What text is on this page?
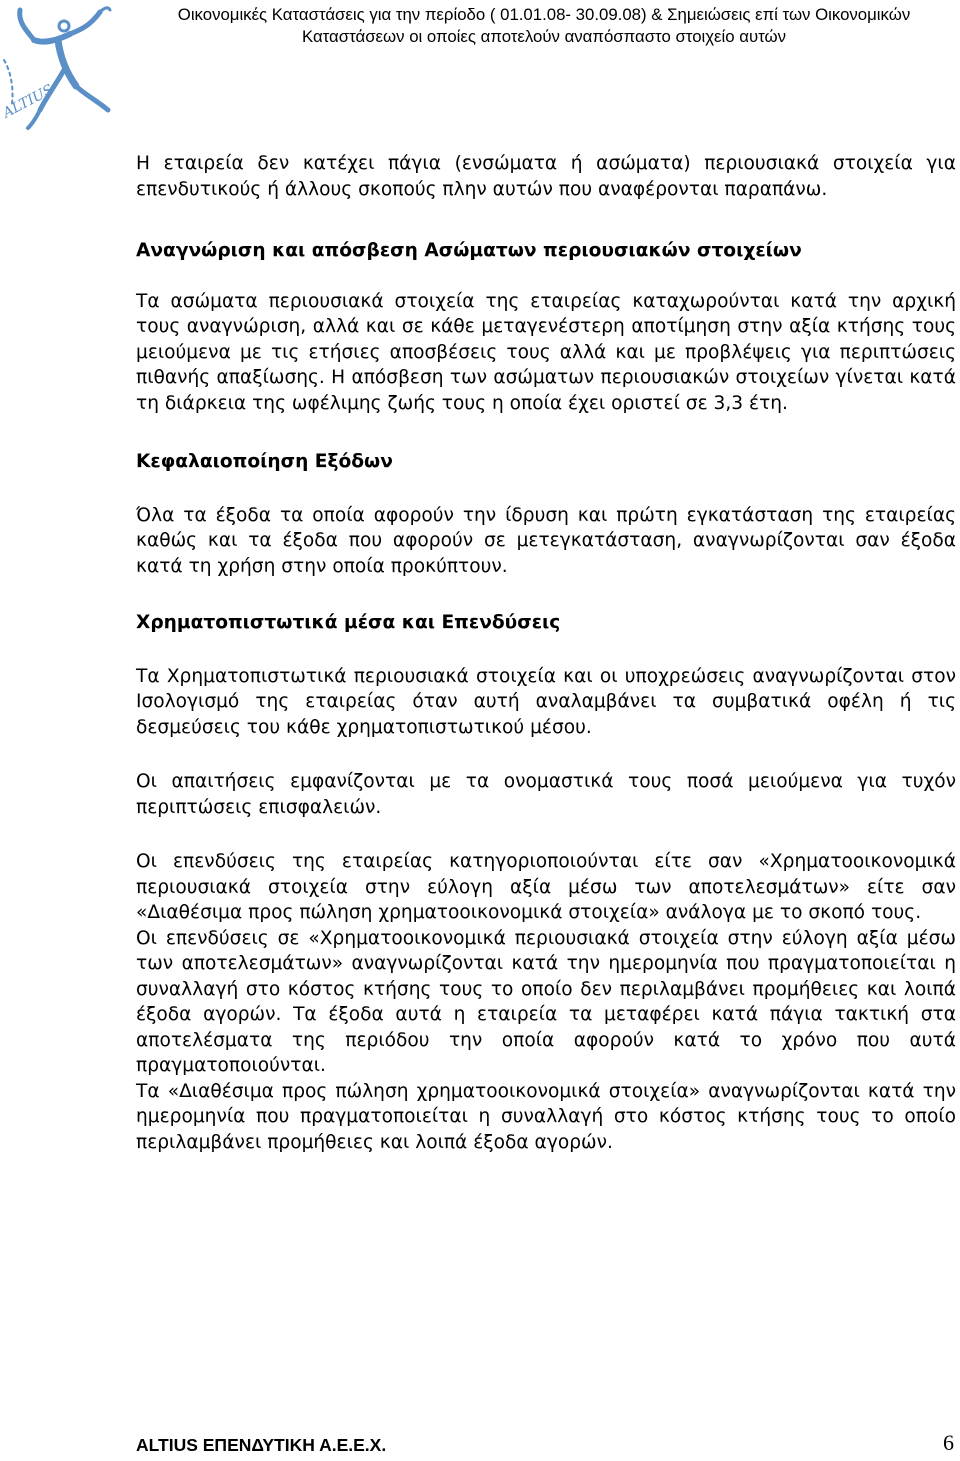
ALTIUS
Οικονομικές Καταστάσεις για την περίοδο ( 01.01.08- 30.09.08) & Σημειώσεις επί των Οικονομικών
Καταστάσεων οι οποίες αποτελούν αναπόσπαστο στοιχείο αυτών

Η εταιρεία δεν κατέχει πάγια (ενσώματα ή ασώματα) περιουσιακά στοιχεία για επενδυτικούς ή άλλους σκοπούς πλην αυτών που αναφέρονται παραπάνω.

Αναγνώριση και απόσβεση Ασώματων περιουσιακών στοιχείων

Τα ασώματα περιουσιακά στοιχεία της εταιρείας καταχωρούνται κατά την αρχική τους αναγνώριση, αλλά και σε κάθε μεταγενέστερη αποτίμηση στην αξία κτήσης τους μειούμενα με τις ετήσιες αποσβέσεις τους αλλά και με προβλέψεις για περιπτώσεις πιθανής απαξίωσης. Η απόσβεση των ασώματων περιουσιακών στοιχείων γίνεται κατά τη διάρκεια της ωφέλιμης ζωής τους η οποία έχει οριστεί σε 3,3 έτη.

Κεφαλαιοποίηση Εξόδων

Όλα τα έξοδα τα οποία αφορούν την ίδρυση και πρώτη εγκατάσταση της εταιρείας καθώς και τα έξοδα που αφορούν σε μετεγκατάσταση, αναγνωρίζονται σαν έξοδα κατά τη χρήση στην οποία προκύπτουν.

Χρηματοπιστωτικά μέσα και Επενδύσεις

Τα Χρηματοπιστωτικά περιουσιακά στοιχεία και οι υποχρεώσεις αναγνωρίζονται στον Ισολογισμό της εταιρείας όταν αυτή αναλαμβάνει τα συμβατικά οφέλη ή τις δεσμεύσεις του κάθε χρηματοπιστωτικού μέσου.

Οι απαιτήσεις εμφανίζονται με τα ονομαστικά τους ποσά μειούμενα για τυχόν περιπτώσεις επισφαλειών.

Οι επενδύσεις της εταιρείας κατηγοριοποιούνται είτε σαν «Χρηματοοικονομικά περιουσιακά στοιχεία στην εύλογη αξία μέσω των αποτελεσμάτων» είτε σαν «Διαθέσιμα προς πώληση χρηματοοικονομικά στοιχεία» ανάλογα με το σκοπό τους.

Οι επενδύσεις σε «Χρηματοοικονομικά περιουσιακά στοιχεία στην εύλογη αξία μέσω των αποτελεσμάτων» αναγνωρίζονται κατά την ημερομηνία που πραγματοποιείται η συναλλαγή στο κόστος κτήσης τους το οποίο δεν περιλαμβάνει προμήθειες και λοιπά έξοδα αγορών. Τα έξοδα αυτά η εταιρεία τα μεταφέρει κατά πάγια τακτική στα αποτελέσματα της περιόδου την οποία αφορούν κατά το χρόνο που αυτά πραγματοποιούνται.

Τα «Διαθέσιμα προς πώληση χρηματοοικονομικά στοιχεία» αναγνωρίζονται κατά την ημερομηνία που πραγματοποιείται η συναλλαγή στο κόστος κτήσης τους το οποίο περιλαμβάνει προμήθειες και λοιπά έξοδα αγορών.

ALTIUS ΕΠΕΝΔΥΤΙΚΗ Α.Ε.Ε.Χ.	6
